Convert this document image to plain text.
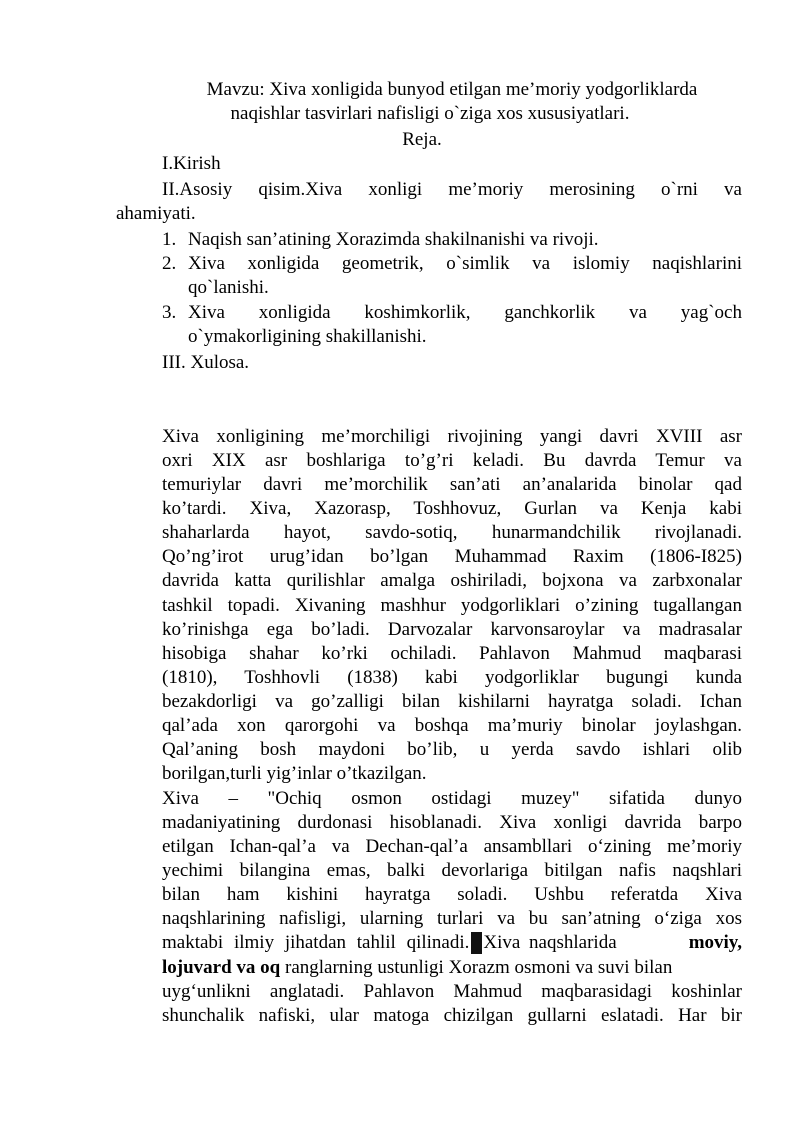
Mavzu: Xiva xonligida bunyod etilgan me’moriy yodgorliklarda
naqishlar tasvirlari nafisligi o`ziga xos xususiyatlari.
Reja.
I.Kirish
II.Asosiy qisim.Xiva xonligi me’moriy merosining o`rni va
ahamiyati.
1. Naqish san’atining Xorazimda shakilnanishi va rivoji.
2. Xiva xonligida geometrik, o`simlik va islomiy naqishlarini
qo`lanishi.
3. Xiva xonligida koshimkorlik, ganchkorlik va yag`och
o`ymakorligining shakillanishi.
III. Xulosa.
Xiva xonligining me’morchiligi rivojining yangi davri XVIII asr
oxri XIX asr boshlariga to’g’ri keladi. Bu davrda Temur va
temuriylar davri me’morchilik san’ati an’analarida binolar qad
ko’tardi. Xiva, Xazorasp, Toshhovuz, Gurlan va Kenja kabi
shaharlarda hayot, savdo-sotiq, hunarmandchilik rivojlanadi.
Qo’ng’irot urug’idan bo’lgan Muhammad Raxim (1806-I825)
davrida katta qurilishlar amalga oshiriladi, bojxona va zarbxonalar
tashkil topadi. Xivaning mashhur yodgorliklari o’zining tugallangan
ko’rinishga ega bo’ladi. Darvozalar karvonsaroylar va madrasalar
hisobiga shahar ko’rki ochiladi. Pahlavon Mahmud maqbarasi
(1810), Toshhovli (1838) kabi yodgorliklar bugungi kunda
bezakdorligi va go’zalligi bilan kishilarni hayratga soladi. Ichan
qal’ada xon qarorgohi va boshqa ma’muriy binolar joylashgan.
Qal’aning bosh maydoni bo’lib, u yerda savdo ishlari olib
borilgan,turli yig’inlar o’tkazilgan.
Xiva – "Ochiq osmon ostidagi muzey" sifatida dunyo
madaniyatining durdonasi hisoblanadi. Xiva xonligi davrida barpo
etilgan Ichan-qal’a va Dechan-qal’a ansambllari o‘zining me’moriy
yechimi bilangina emas, balki devorlariga bitilgan nafis naqshlari
bilan ham kishini hayratga soladi. Ushbu referatda Xiva
naqshlarining nafisligi, ularning turlari va bu san’atning o‘ziga xos
maktabi ilmiy jihatdan tahlil qilinadi. Xiva naqshlarida	moviy,
lojuvard va oq ranglarning ustunligi Xorazm osmoni va suvi bilan
uyg‘unlikni anglatadi. Pahlavon Mahmud maqbarasidagi koshinlar
shunchalik nafiski, ular matoga chizilgan gullarni eslatadi. Har bir
